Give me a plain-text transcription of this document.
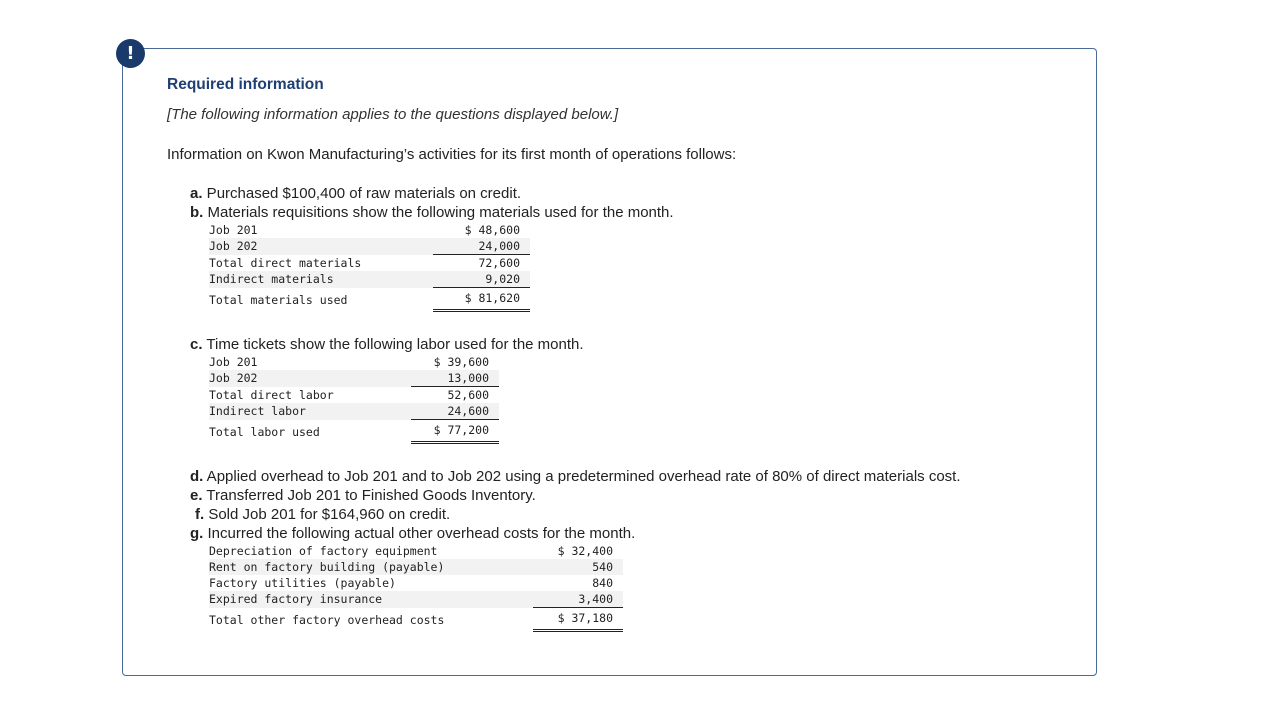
!

Required information

[The following information applies to the questions displayed below.]

Information on Kwon Manufacturing’s activities for its first month of operations follows:

a. Purchased $100,400 of raw materials on credit.
b. Materials requisitions show the following materials used for the month.
Job 201		$ 48,600
Job 202		24,000
Total direct materials		72,600
Indirect materials		9,020
Total materials used		$ 81,620
c. Time tickets show the following labor used for the month.
Job 201		$ 39,600
Job 202		13,000
Total direct labor		52,600
Indirect labor		24,600
Total labor used		$ 77,200
d. Applied overhead to Job 201 and to Job 202 using a predetermined overhead rate of 80% of direct materials cost.
e. Transferred Job 201 to Finished Goods Inventory.
f. Sold Job 201 for $164,960 on credit.
g. Incurred the following actual other overhead costs for the month.
Depreciation of factory equipment		$ 32,400
Rent on factory building (payable)		540
Factory utilities (payable)		840
Expired factory insurance		3,400
Total other factory overhead costs		$ 37,180
